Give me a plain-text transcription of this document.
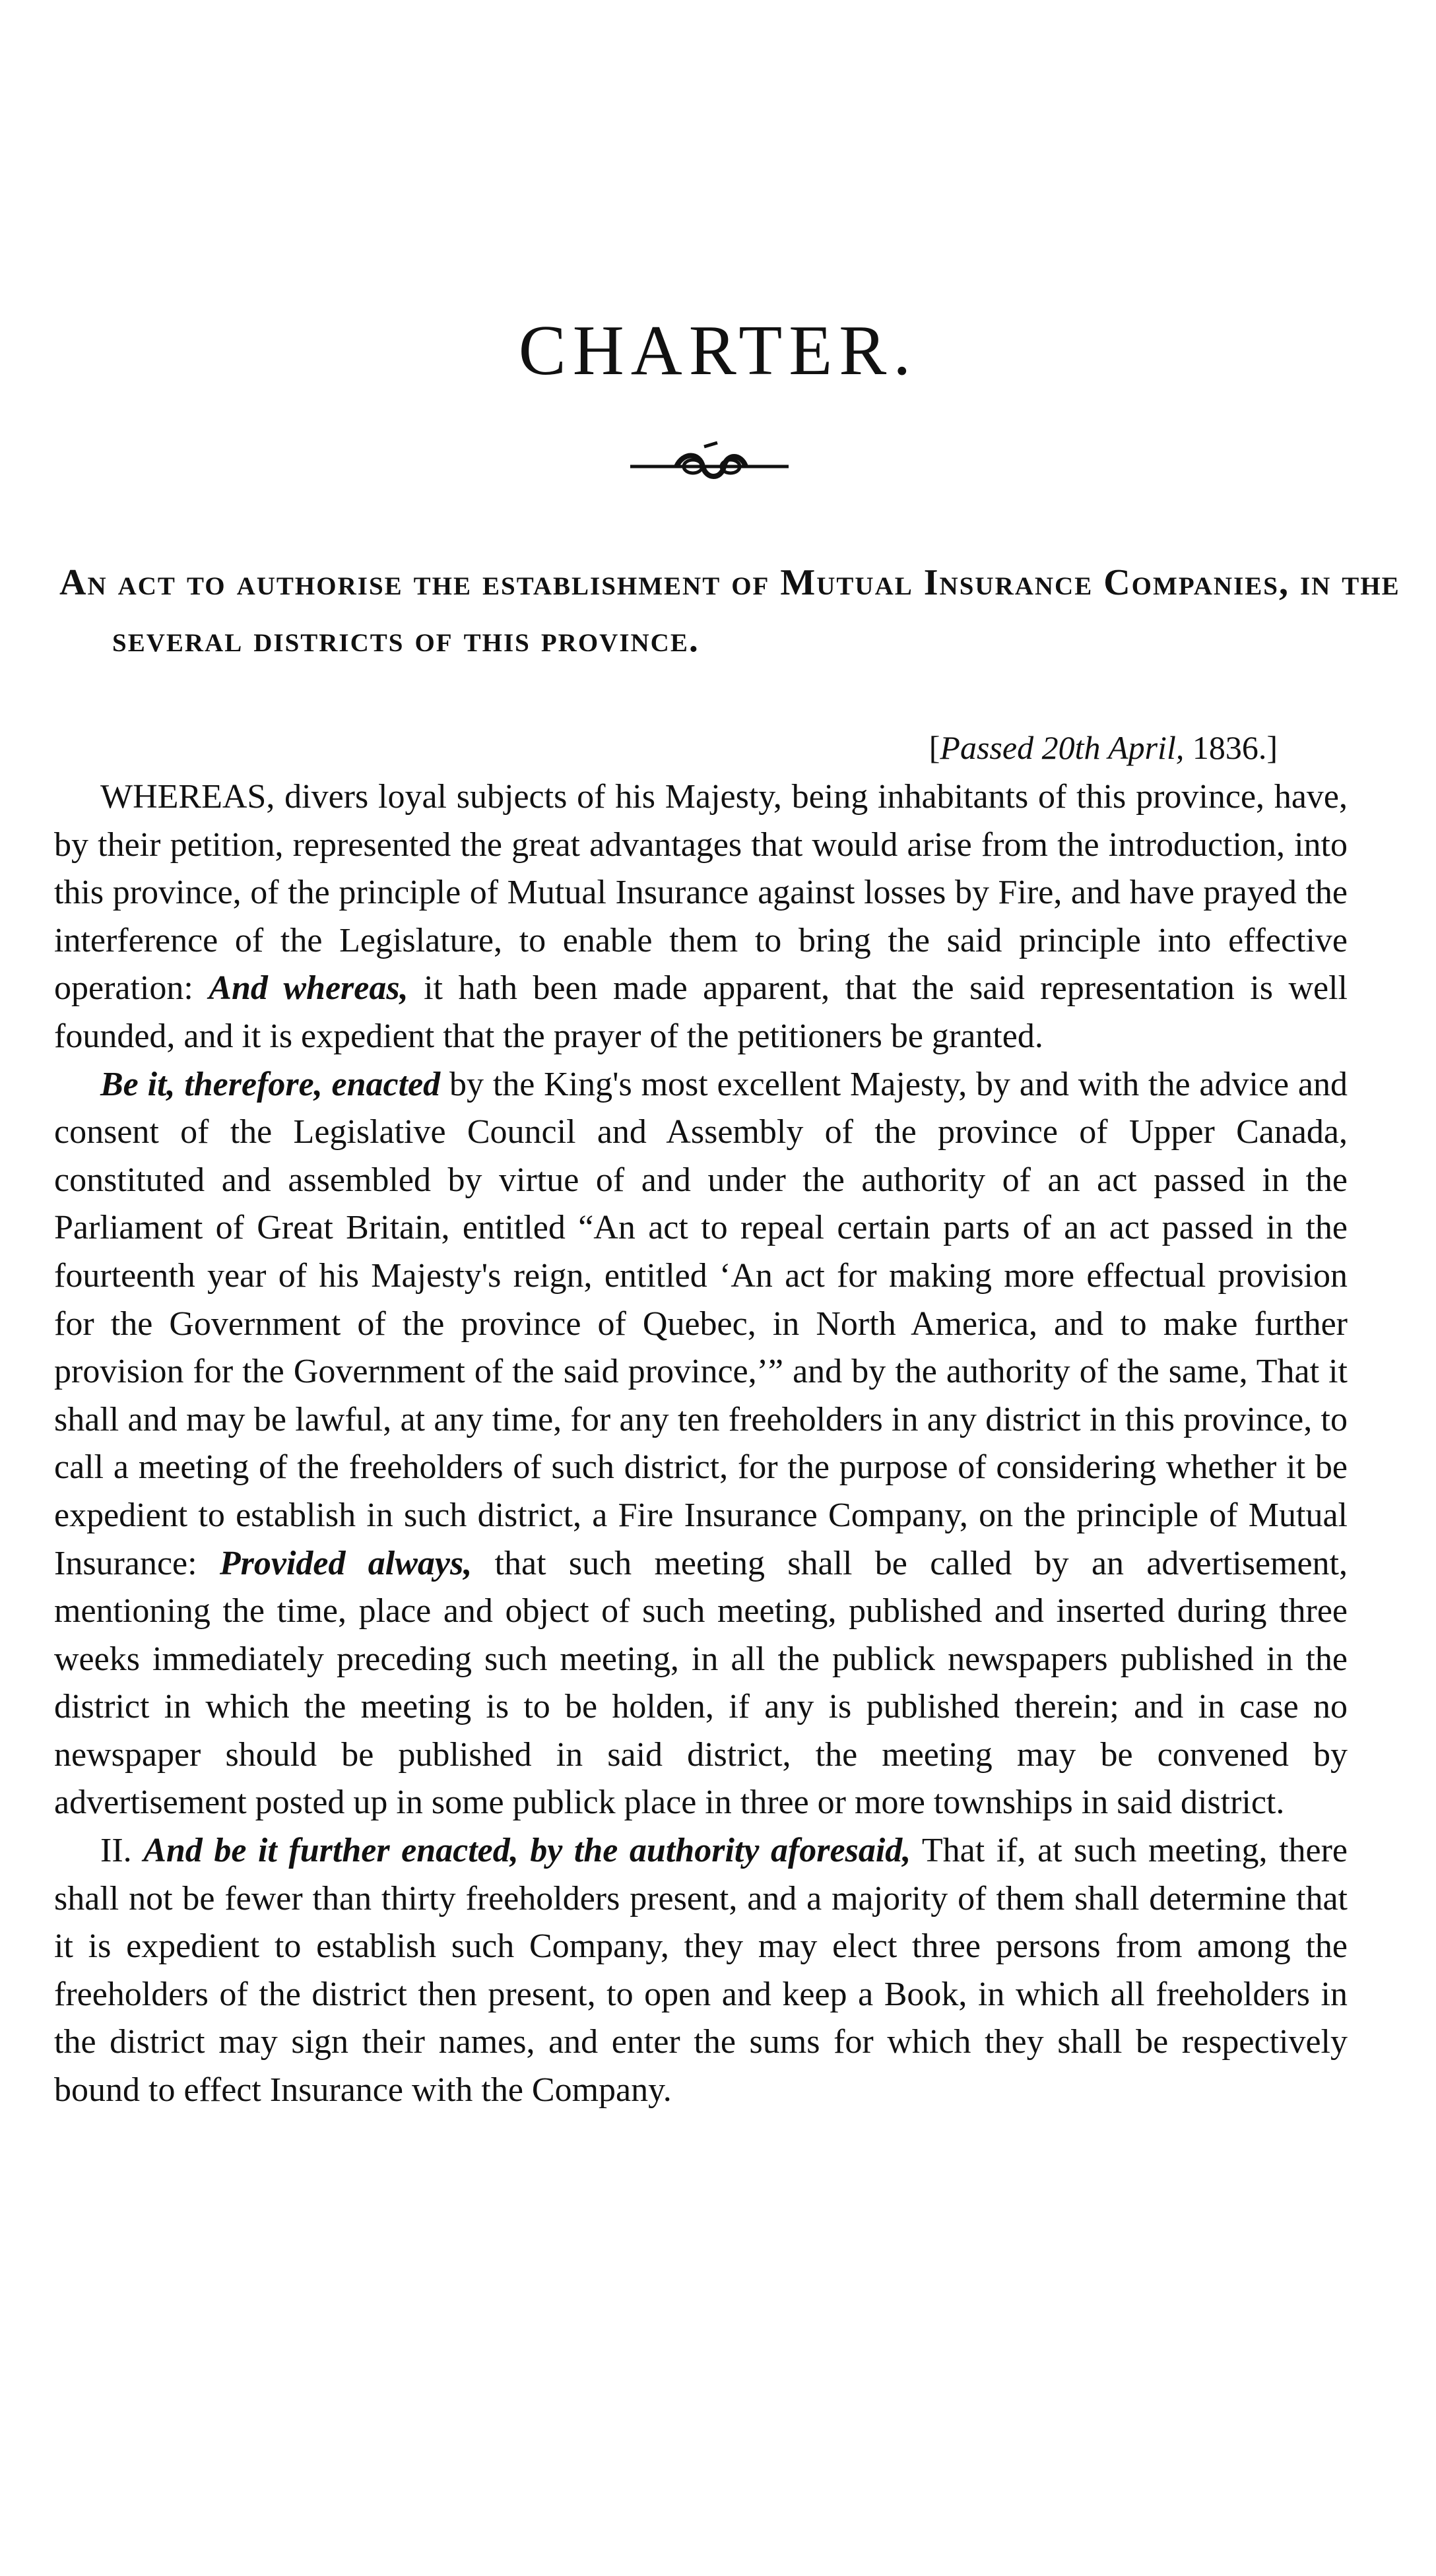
CHARTER.
An act to authorise the establishment of Mutual Insurance Companies, in the several districts of this province.
[Passed 20th April, 1836.]

WHEREAS, divers loyal subjects of his Majesty, being inhabitants of this province, have, by their petition, represented the great advantages that would arise from the introduction, into this province, of the principle of Mutual Insurance against losses by Fire, and have prayed the interference of the Legislature, to enable them to bring the said principle into effective operation: And whereas, it hath been made apparent, that the said representation is well founded, and it is expedient that the prayer of the petitioners be granted.

Be it, therefore, enacted by the King's most excellent Majesty, by and with the advice and consent of the Legislative Council and Assembly of the province of Upper Canada, constituted and assembled by virtue of and under the authority of an act passed in the Parliament of Great Britain, entitled “An act to repeal certain parts of an act passed in the fourteenth year of his Majesty's reign, entitled ‘An act for making more effectual provision for the Government of the province of Quebec, in North America, and to make further provision for the Government of the said province,’” and by the authority of the same, That it shall and may be lawful, at any time, for any ten freeholders in any district in this province, to call a meeting of the freeholders of such district, for the purpose of considering whether it be expedient to establish in such district, a Fire Insurance Company, on the principle of Mutual Insurance: Provided always, that such meeting shall be called by an advertisement, mentioning the time, place and object of such meeting, published and inserted during three weeks immediately preceding such meeting, in all the publick newspapers published in the district in which the meeting is to be holden, if any is published therein; and in case no newspaper should be published in said district, the meeting may be convened by advertisement posted up in some publick place in three or more townships in said district.

II. And be it further enacted, by the authority aforesaid, That if, at such meeting, there shall not be fewer than thirty freeholders present, and a majority of them shall determine that it is expedient to establish such Company, they may elect three persons from among the freeholders of the district then present, to open and keep a Book, in which all freeholders in the district may sign their names, and enter the sums for which they shall be respectively bound to effect Insurance with the Company.
